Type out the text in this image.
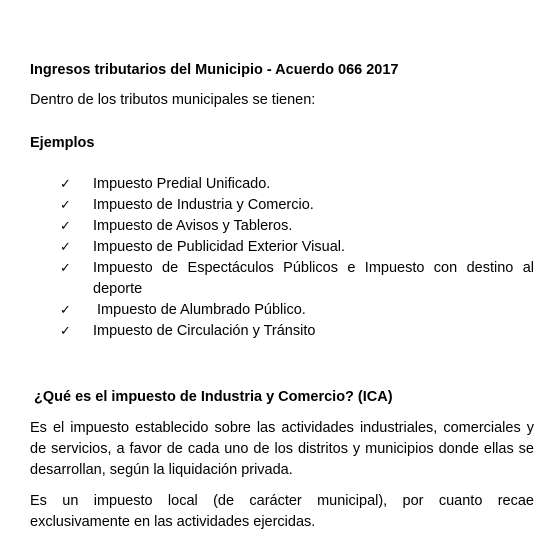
Ingresos tributarios del Municipio - Acuerdo 066 2017
Dentro de los tributos municipales se tienen:
Ejemplos
✓ Impuesto Predial Unificado.
✓ Impuesto de Industria y Comercio.
✓ Impuesto de Avisos y Tableros.
✓ Impuesto de Publicidad Exterior Visual.
✓ Impuesto de Espectáculos Públicos e Impuesto con destino al
deporte
✓ Impuesto de Alumbrado Público.
✓ Impuesto de Circulación y Tránsito
¿Qué es el impuesto de Industria y Comercio? (ICA)
Es el impuesto establecido sobre las actividades industriales, comerciales y de servicios, a favor de cada uno de los distritos y municipios donde ellas se desarrollan, según la liquidación privada.
Es un impuesto local (de carácter municipal), por cuanto recae exclusivamente en las actividades ejercidas.
